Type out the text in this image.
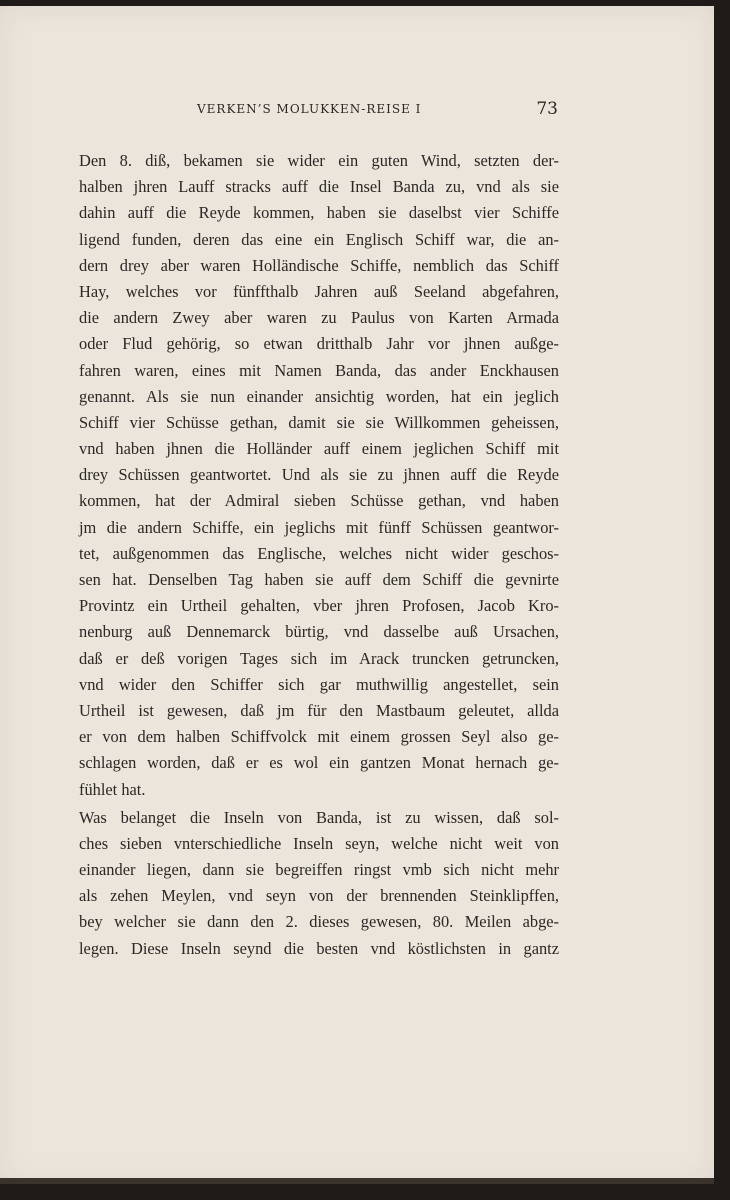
VERKEN’S MOLUKKEN-REISE I	73

Den 8. diß, bekamen sie wider ein guten Wind, setzten der-
halben jhren Lauff stracks auff die Insel Banda zu, vnd als sie
dahin auff die Reyde kommen, haben sie daselbst vier Schiffe
ligend funden, deren das eine ein Englisch Schiff war, die an-
dern drey aber waren Holländische Schiffe, nemblich das Schiff
Hay, welches vor fünffthalb Jahren auß Seeland abgefahren,
die andern Zwey aber waren zu Paulus von Karten Armada
oder Flud gehörig, so etwan dritthalb Jahr vor jhnen außge-
fahren waren, eines mit Namen Banda, das ander Enckhausen
genannt. Als sie nun einander ansichtig worden, hat ein jeglich
Schiff vier Schüsse gethan, damit sie sie Willkommen geheissen,
vnd haben jhnen die Holländer auff einem jeglichen Schiff mit
drey Schüssen geantwortet. Und als sie zu jhnen auff die Reyde
kommen, hat der Admiral sieben Schüsse gethan, vnd haben
jm die andern Schiffe, ein jeglichs mit fünff Schüssen geantwor-
tet, außgenommen das Englische, welches nicht wider geschos-
sen hat. Denselben Tag haben sie auff dem Schiff die gevnirte
Provintz ein Urtheil gehalten, vber jhren Profosen, Jacob Kro-
nenburg auß Dennemarck bürtig, vnd dasselbe auß Ursachen,
daß er deß vorigen Tages sich im Arack truncken getruncken,
vnd wider den Schiffer sich gar muthwillig angestellet, sein
Urtheil ist gewesen, daß jm für den Mastbaum geleutet, allda
er von dem halben Schiffvolck mit einem grossen Seyl also ge-
schlagen worden, daß er es wol ein gantzen Monat hernach ge-
fühlet hat.

Was belanget die Inseln von Banda, ist zu wissen, daß sol-
ches sieben vnterschiedliche Inseln seyn, welche nicht weit von
einander liegen, dann sie begreiffen ringst vmb sich nicht mehr
als zehen Meylen, vnd seyn von der brennenden Steinklipffen,
bey welcher sie dann den 2. dieses gewesen, 80. Meilen abge-
legen. Diese Inseln seynd die besten vnd köstlichsten in gantz
